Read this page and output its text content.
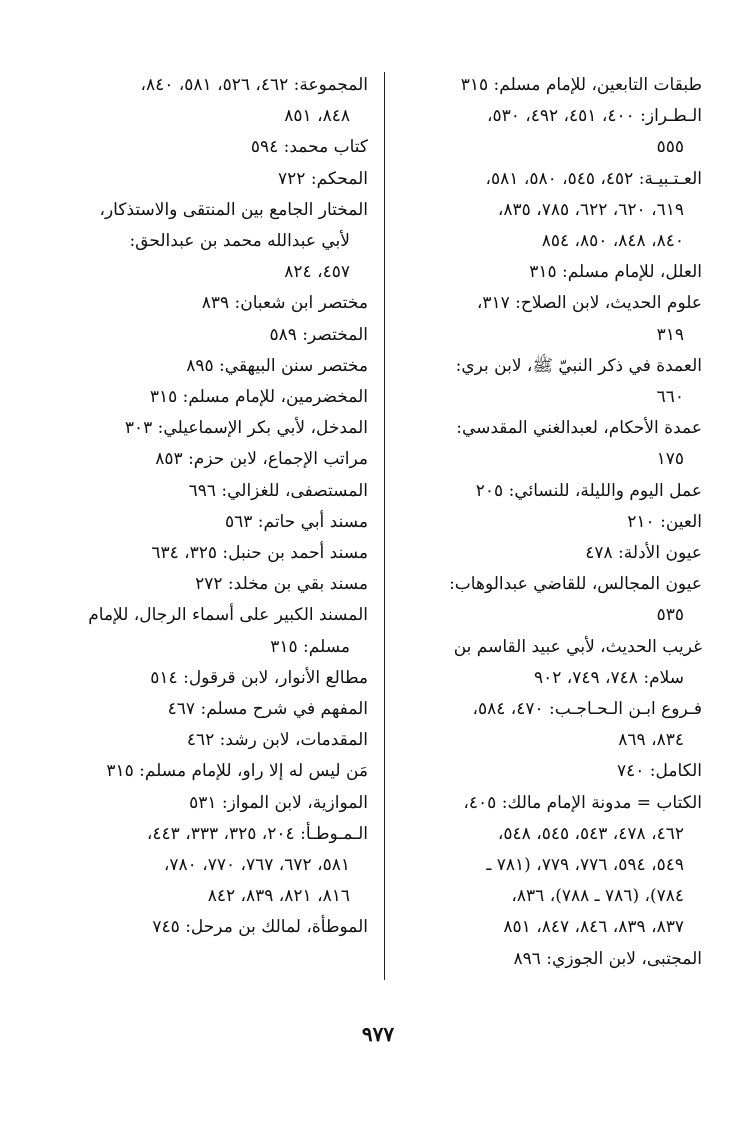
طبقات التابعين، للإمام مسلم: ٣١٥
الـطـراز: ٤٠٠، ٤٥١، ٤٩٢، ٥٣٠،
٥٥٥
العـتـبيـة: ٤٥٢، ٥٤٥، ٥٨٠، ٥٨١،
٦١٩، ٦٢٠، ٦٢٢، ٧٨٥، ٨٣٥،
٨٤٠، ٨٤٨، ٨٥٠، ٨٥٤
العلل، للإمام مسلم: ٣١٥
علوم الحديث، لابن الصلاح: ٣١٧،
٣١٩
العمدة في ذكر النبيّ ﷺ، لابن بري:
٦٦٠
عمدة الأحكام، لعبدالغني المقدسي:
١٧٥
عمل اليوم والليلة، للنسائي: ٢٠٥
العين: ٢١٠
عيون الأدلة: ٤٧٨
عيون المجالس، للقاضي عبدالوهاب:
٥٣٥
غريب الحديث، لأبي عبيد القاسم بن
سلام: ٧٤٨، ٧٤٩، ٩٠٢
فـروع ابـن الـحـاجـب: ٤٧٠، ٥٨٤،
٨٣٤، ٨٦٩
الكامل: ٧٤٠
الكتاب = مدونة الإمام مالك: ٤٠٥،
٤٦٢، ٤٧٨، ٥٤٣، ٥٤٥، ٥٤٨،
٥٤٩، ٥٩٤، ٧٧٦، ٧٧٩، (٧٨١ ـ
٧٨٤)، (٧٨٦ ـ ٧٨٨)، ٨٣٦،
٨٣٧، ٨٣٩، ٨٤٦، ٨٤٧، ٨٥١
المجتبى، لابن الجوزي: ٨٩٦
المجموعة: ٤٦٢، ٥٢٦، ٥٨١، ٨٤٠،
٨٤٨، ٨٥١
كتاب محمد: ٥٩٤
المحكم: ٧٢٢
المختار الجامع بين المنتقى والاستذكار،
لأبي عبدالله محمد بن عبدالحق:
٤٥٧، ٨٢٤
مختصر ابن شعبان: ٨٣٩
المختصر: ٥٨٩
مختصر سنن البيهقي: ٨٩٥
المخضرمين، للإمام مسلم: ٣١٥
المدخل، لأبي بكر الإسماعيلي: ٣٠٣
مراتب الإجماع، لابن حزم: ٨٥٣
المستصفى، للغزالي: ٦٩٦
مسند أبي حاتم: ٥٦٣
مسند أحمد بن حنبل: ٣٢٥، ٦٣٤
مسند بقي بن مخلد: ٢٧٢
المسند الكبير على أسماء الرجال، للإمام
مسلم: ٣١٥
مطالع الأنوار، لابن قرقول: ٥١٤
المفهم في شرح مسلم: ٤٦٧
المقدمات، لابن رشد: ٤٦٢
مَن ليس له إلا راو، للإمام مسلم: ٣١٥
الموازية، لابن المواز: ٥٣١
الـمـوطـأ: ٢٠٤، ٣٢٥، ٣٣٣، ٤٤٣،
٥٨١، ٦٧٢، ٧٦٧، ٧٧٠، ٧٨٠،
٨١٦، ٨٢١، ٨٣٩، ٨٤٢
الموطأة، لمالك بن مرحل: ٧٤٥
٩٧٧
